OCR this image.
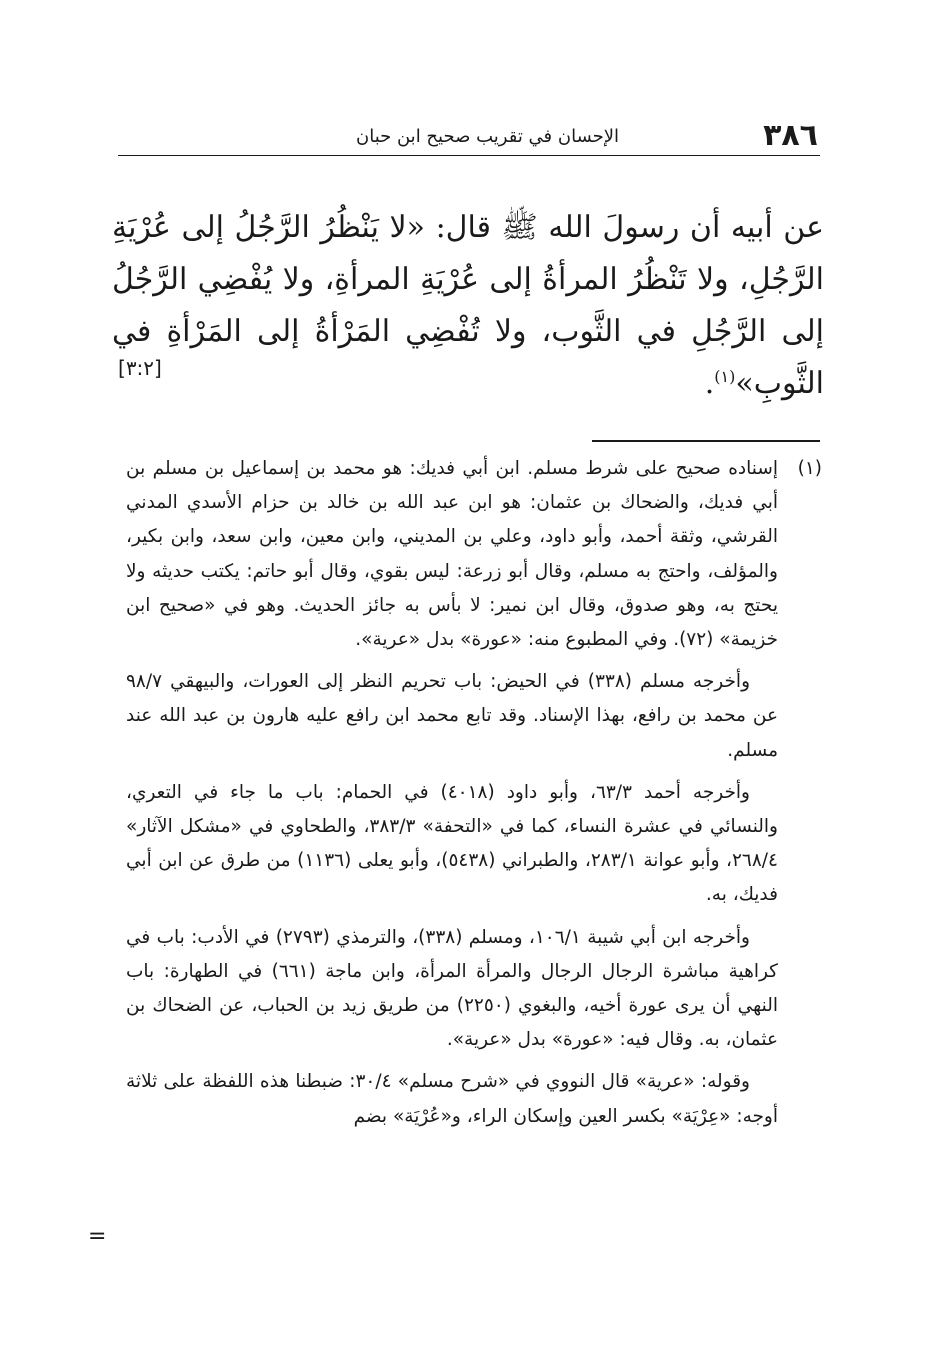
٣٨٦
الإحسان في تقريب صحيح ابن حبان

عن أبيه أن رسولَ الله ﷺ قال: «لا يَنْظُرُ الرَّجُلُ إلى عُرْيَةِ الرَّجُلِ، ولا تَنْظُرُ المرأةُ إلى عُرْيَةِ المرأةِ، ولا يُفْضِي الرَّجُلُ إلى الرَّجُلِ في الثَّوب، ولا تُفْضِي المَرْأةُ إلى المَرْأةِ في الثَّوبِ»$^{(١)}$.

[٣:٢]
(١)

إسناده صحيح على شرط مسلم. ابن أبي فديك: هو محمد بن إسماعيل بن مسلم بن أبي فديك، والضحاك بن عثمان: هو ابن عبد الله بن خالد بن حزام الأسدي المدني القرشي، وثقة أحمد، وأبو داود، وعلي بن المديني، وابن معين، وابن سعد، وابن بكير، والمؤلف، واحتج به مسلم، وقال أبو زرعة: ليس بقوي، وقال أبو حاتم: يكتب حديثه ولا يحتج به، وهو صدوق، وقال ابن نمير: لا بأس به جائز الحديث. وهو في «صحيح ابن خزيمة» (٧٢). وفي المطبوع منه: «عورة» بدل «عرية».

وأخرجه مسلم (٣٣٨) في الحيض: باب تحريم النظر إلى العورات، والبيهقي ٩٨/٧ عن محمد بن رافع، بهذا الإسناد. وقد تابع محمد ابن رافع عليه هارون بن عبد الله عند مسلم.

وأخرجه أحمد ٦٣/٣، وأبو داود (٤٠١٨) في الحمام: باب ما جاء في التعري، والنسائي في عشرة النساء، كما في «التحفة» ٣٨٣/٣، والطحاوي في «مشكل الآثار» ٢٦٨/٤، وأبو عوانة ٢٨٣/١، والطبراني (٥٤٣٨)، وأبو يعلى (١١٣٦) من طرق عن ابن أبي فديك، به.

وأخرجه ابن أبي شيبة ١٠٦/١، ومسلم (٣٣٨)، والترمذي (٢٧٩٣) في الأدب: باب في كراهية مباشرة الرجال الرجال والمرأة المرأة، وابن ماجة (٦٦١) في الطهارة: باب النهي أن يرى عورة أخيه، والبغوي (٢٢٥٠) من طريق زيد بن الحباب، عن الضحاك بن عثمان، به. وقال فيه: «عورة» بدل «عرية».

وقوله: «عرية» قال النووي في «شرح مسلم» ٣٠/٤: ضبطنا هذه اللفظة على ثلاثة أوجه: «عِرْيَة» بكسر العين وإسكان الراء، و«عُرْيَة» بضم

=
